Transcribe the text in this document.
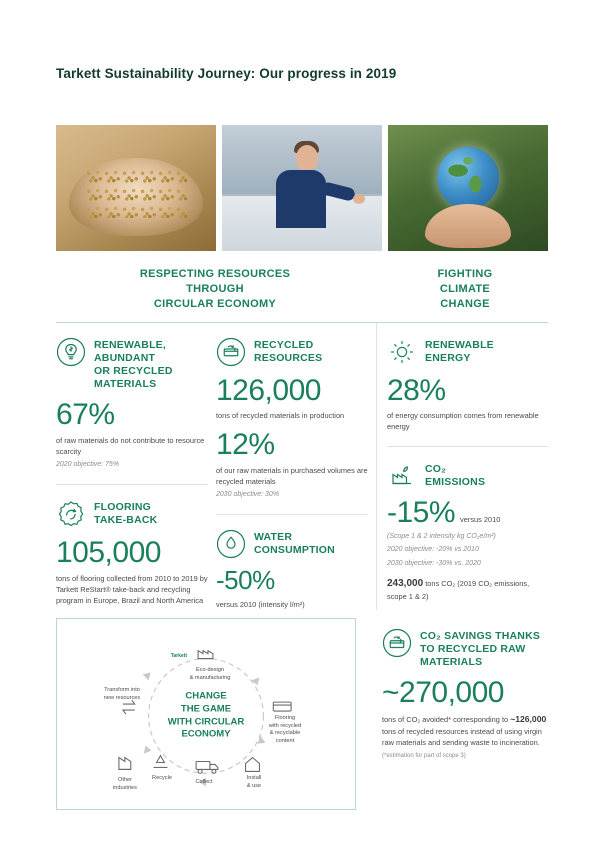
Tarkett Sustainability Journey: Our progress in 2019
RESPECTING RESOURCES
THROUGH
CIRCULAR ECONOMY
FIGHTING
CLIMATE
CHANGE
RENEWABLE,
ABUNDANT
OR RECYCLED
MATERIALS
67%
of raw materials do not contribute to resource scarcity
2020 objective: 75%
FLOORING
TAKE-BACK
105,000
tons of flooring collected from 2010 to 2019 by Tarkett ReStart® take-back and recycling program in Europe, Brazil and North America
RECYCLED
RESOURCES
126,000
tons of recycled materials in production
12%
of our raw materials in purchased volumes are recycled materials
2030 objective: 30%
WATER
CONSUMPTION
-50%
versus 2010 (intensity l/m²)
RENEWABLE
ENERGY
28%
of energy consumption comes from renewable energy
CO₂
EMISSIONS
-15% versus 2010
(Scope 1 & 2 intensity kg CO₂e/m²)
2020 objective: -20% vs 2010
2030 objective: -30% vs. 2020
243,000 tons CO₂ (2019 CO₂ emissions, scope 1 & 2)
CHANGE
THE GAME
WITH CIRCULAR
ECONOMY
Tarkett
Eco-design
& manufacturing
Flooring
with recycled
& recyclable
content
Install
& use
Collect
Recycle
Other
industries
Transform into
new resources
CO₂ SAVINGS THANKS
TO RECYCLED RAW
MATERIALS
~270,000
tons of CO₂ avoided* corresponding to ~126,000 tons of recycled resources instead of using virgin raw materials and sending waste to incineration.
(*estimation for part of scope 3)
